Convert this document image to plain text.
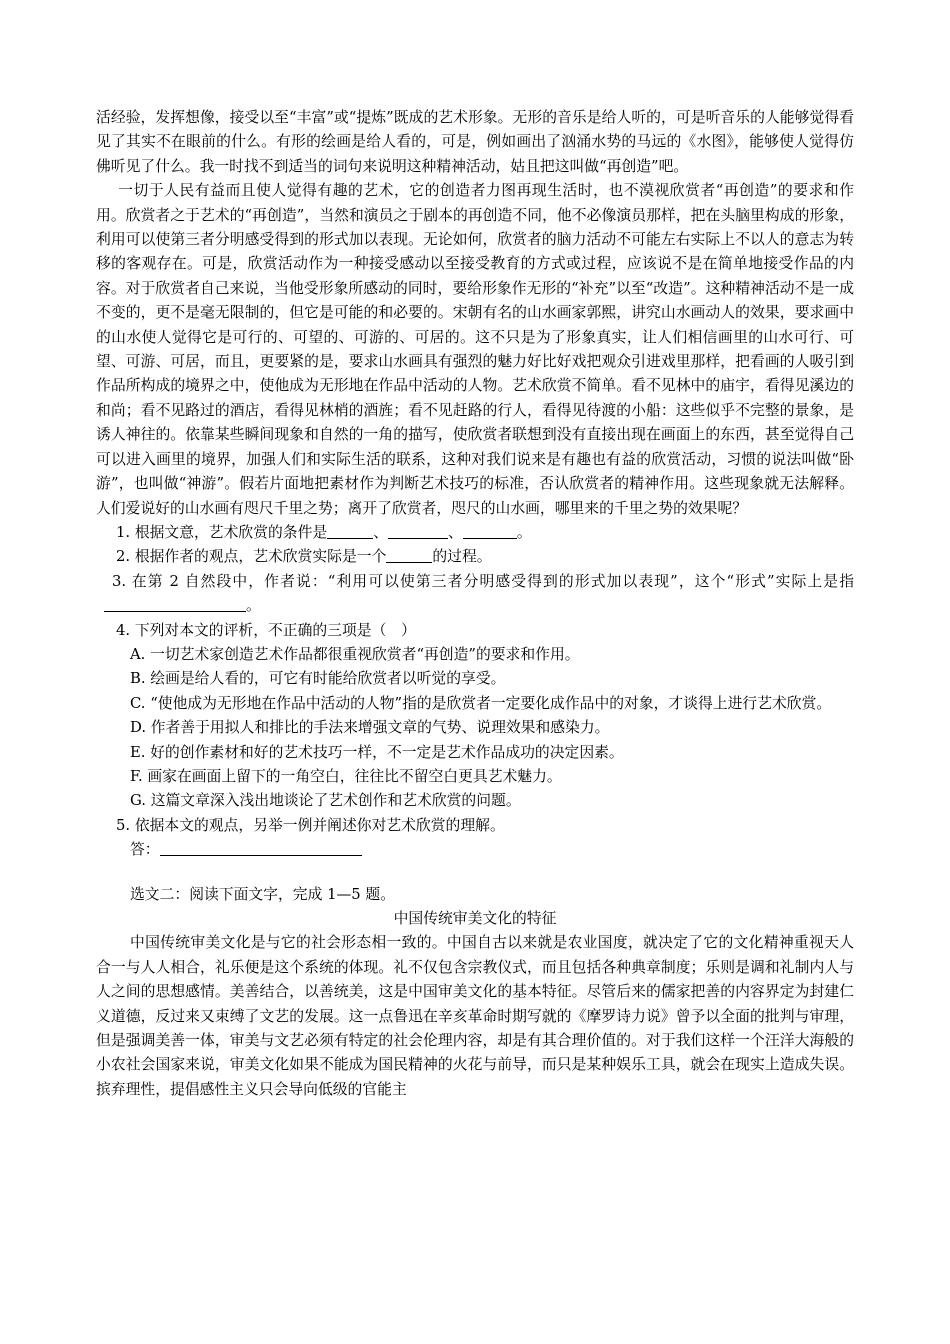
活经验，发挥想像，接受以至“丰富”或“提炼”既成的艺术形象。无形的音乐是给人听的，可是听音乐的人能够觉得看见了其实不在眼前的什么。有形的绘画是给人看的，可是，例如画出了汹涌水势的马远的《水图》，能够使人觉得仿佛听见了什么。我一时找不到适当的词句来说明这种精神活动，姑且把这叫做“再创造”吧。

一切于人民有益而且使人觉得有趣的艺术，它的创造者力图再现生活时，也不漠视欣赏者“再创造”的要求和作用。欣赏者之于艺术的“再创造”，当然和演员之于剧本的再创造不同，他不必像演员那样，把在头脑里构成的形象，利用可以使第三者分明感受得到的形式加以表现。无论如何，欣赏者的脑力活动不可能左右实际上不以人的意志为转移的客观存在。可是，欣赏活动作为一种接受感动以至接受教育的方式或过程，应该说不是在简单地接受作品的内容。对于欣赏者自己来说，当他受形象所感动的同时，要给形象作无形的“补充”以至“改造”。这种精神活动不是一成不变的，更不是毫无限制的，但它是可能的和必要的。宋朝有名的山水画家郭熙，讲究山水画动人的效果，要求画中的山水使人觉得它是可行的、可望的、可游的、可居的。这不只是为了形象真实，让人们相信画里的山水可行、可望、可游、可居，而且，更要紧的是，要求山水画具有强烈的魅力好比好戏把观众引进戏里那样，把看画的人吸引到作品所构成的境界之中，使他成为无形地在作品中活动的人物。艺术欣赏不简单。看不见林中的庙宇，看得见溪边的和尚；看不见路过的酒店，看得见林梢的酒旌；看不见赶路的行人，看得见待渡的小船：这些似乎不完整的景象，是诱人神往的。依靠某些瞬间现象和自然的一角的描写，使欣赏者联想到没有直接出现在画面上的东西，甚至觉得自己可以进入画里的境界，加强人们和实际生活的联系，这种对我们说来是有趣也有益的欣赏活动，习惯的说法叫做“卧游”，也叫做“神游”。假若片面地把素材作为判断艺术技巧的标准，否认欣赏者的精神作用。这些现象就无法解释。人们爱说好的山水画有咫尺千里之势；离开了欣赏者，咫尺的山水画，哪里来的千里之势的效果呢？

1. 根据文意，艺术欣赏的条件是	、	、	。

2. 根据作者的观点，艺术欣赏实际是一个	的过程。

3. 在第 2 自然段中，作者说：“利用可以使第三者分明感受得到的形式加以表现”，这个“形式”实际上是指。

4. 下列对本文的评析，不正确的三项是（　）

A. 一切艺术家创造艺术作品都很重视欣赏者“再创造”的要求和作用。

B. 绘画是给人看的，可它有时能给欣赏者以听觉的享受。

C. “使他成为无形地在作品中活动的人物”指的是欣赏者一定要化成作品中的对象，才谈得上进行艺术欣赏。

D. 作者善于用拟人和排比的手法来增强文章的气势、说理效果和感染力。

E. 好的创作素材和好的艺术技巧一样，不一定是艺术作品成功的决定因素。

F. 画家在画面上留下的一角空白，往往比不留空白更具艺术魅力。

G. 这篇文章深入浅出地谈论了艺术创作和艺术欣赏的问题。

5. 依据本文的观点，另举一例并阐述你对艺术欣赏的理解。

答：

选文二：阅读下面文字，完成 1—5 题。

中国传统审美文化的特征

中国传统审美文化是与它的社会形态相一致的。中国自古以来就是农业国度，就决定了它的文化精神重视天人合一与人人相合，礼乐便是这个系统的体现。礼不仅包含宗教仪式，而且包括各种典章制度；乐则是调和礼制内人与人之间的思想感情。美善结合，以善统美，这是中国审美文化的基本特征。尽管后来的儒家把善的内容界定为封建仁义道德，反过来又束缚了文艺的发展。这一点鲁迅在辛亥革命时期写就的《摩罗诗力说》曾予以全面的批判与审理，但是强调美善一体，审美与文艺必须有特定的社会伦理内容，却是有其合理价值的。对于我们这样一个汪洋大海般的小农社会国家来说，审美文化如果不能成为国民精神的火花与前导，而只是某种娱乐工具，就会在现实上造成失误。摈弃理性，提倡感性主义只会导向低级的官能主
